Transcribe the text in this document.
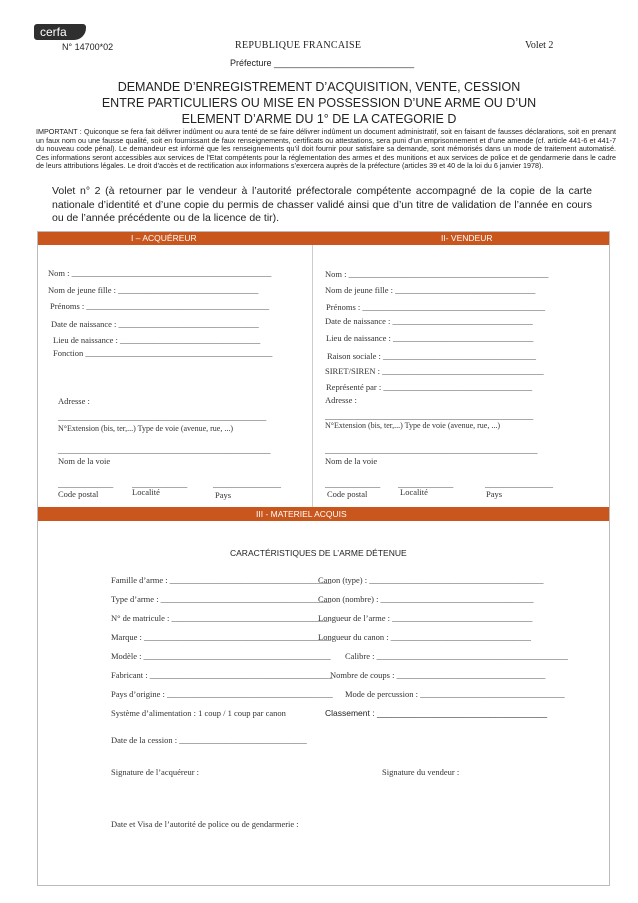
cerfa
N° 14700*02	REPUBLIQUE FRANCAISE	Volet 2
Préfecture ____________________________
DEMANDE D’ENREGISTREMENT D’ACQUISITION, VENTE, CESSION
ENTRE PARTICULIERS OU MISE EN POSSESSION D’UNE ARME OU D’UN
ELEMENT D’ARME DU 1° DE LA CATEGORIE D
IMPORTANT : Quiconque se fera fait délivrer indûment ou aura tenté de se faire délivrer indûment un document administratif, soit en faisant de fausses déclarations, soit en prenant un faux nom ou une fausse qualité, soit en fournissant de faux renseignements, certificats ou attestations, sera puni d’un emprisonnement et d’une amende (cf. article 441-6 et 441-7 du nouveau code pénal). Le demandeur est informé que les renseignements qu’il doit fournir pour satisfaire sa demande, sont mémorisés dans un mode de traitement automatisé. Ces informations seront accessibles aux services de l’Etat compétents pour la réglementation des armes et des munitions et aux services de police et de gendarmerie dans le cadre de leurs attributions légales. Le droit d’accès et de rectification aux informations s’exercera auprès de la préfecture (articles 39 et 40 de la loi du 6 janvier 1978).
Volet n° 2 (à retourner par le vendeur à l’autorité préfectorale compétente accompagné de la copie de la carte nationale d’identité et d’une copie du permis de chasser validé ainsi que d’un titre de validation de l’année en cours ou de l’année précédente ou de la licence de tir).
I – ACQUÉREUR	II- VENDEUR
III - MATERIEL ACQUIS
Nom : _______________________________________________
Nom de jeune fille : _________________________________
Prénoms : ___________________________________________
Date de naissance : _________________________________
Lieu de naissance : _________________________________
Fonction ____________________________________________
Adresse :
_________________________________________________
N°Extension (bis, ter,...) Type de voie (avenue, rue, ...)
__________________________________________________
Nom de la voie
_____________ _____________	________________
Code postal	Localité	Pays
Nom : _______________________________________________
Nom de jeune fille : _________________________________
Prénoms : ___________________________________________
Date de naissance : _________________________________
Lieu de naissance : _________________________________
Raison sociale : ____________________________________
SIRET/SIREN : ______________________________________
Représenté par : ___________________________________
Adresse :
_________________________________________________
N°Extension (bis, ter,...) Type de voie (avenue, rue, ...)
__________________________________________________
Nom de la voie
_____________ _____________	________________
Code postal	Localité	Pays
CARACTÉRISTIQUES DE L’ARME DÉTENUE
Famille d’arme : ______________________________________
Canon (type) : _________________________________________
Type d’arme : ________________________________________
Canon (nombre) : ____________________________________
N° de matricule : _____________________________________
Longueur de l’arme : _________________________________
Marque : ____________________________________________
Longueur du canon : _________________________________
Modèle : ____________________________________________ Calibre : _____________________________________________
Fabricant : ___________________________________________
Nombre de coups : ___________________________________
Pays d’origine : _______________________________________ Mode de percussion : __________________________________
Système d’alimentation : 1 coup / 1 coup par canon	Classement : ____________________________________
Date de la cession : ______________________________
Signature de l’acquéreur :	Signature du vendeur :
Date et Visa de l’autorité de police ou de gendarmerie :
